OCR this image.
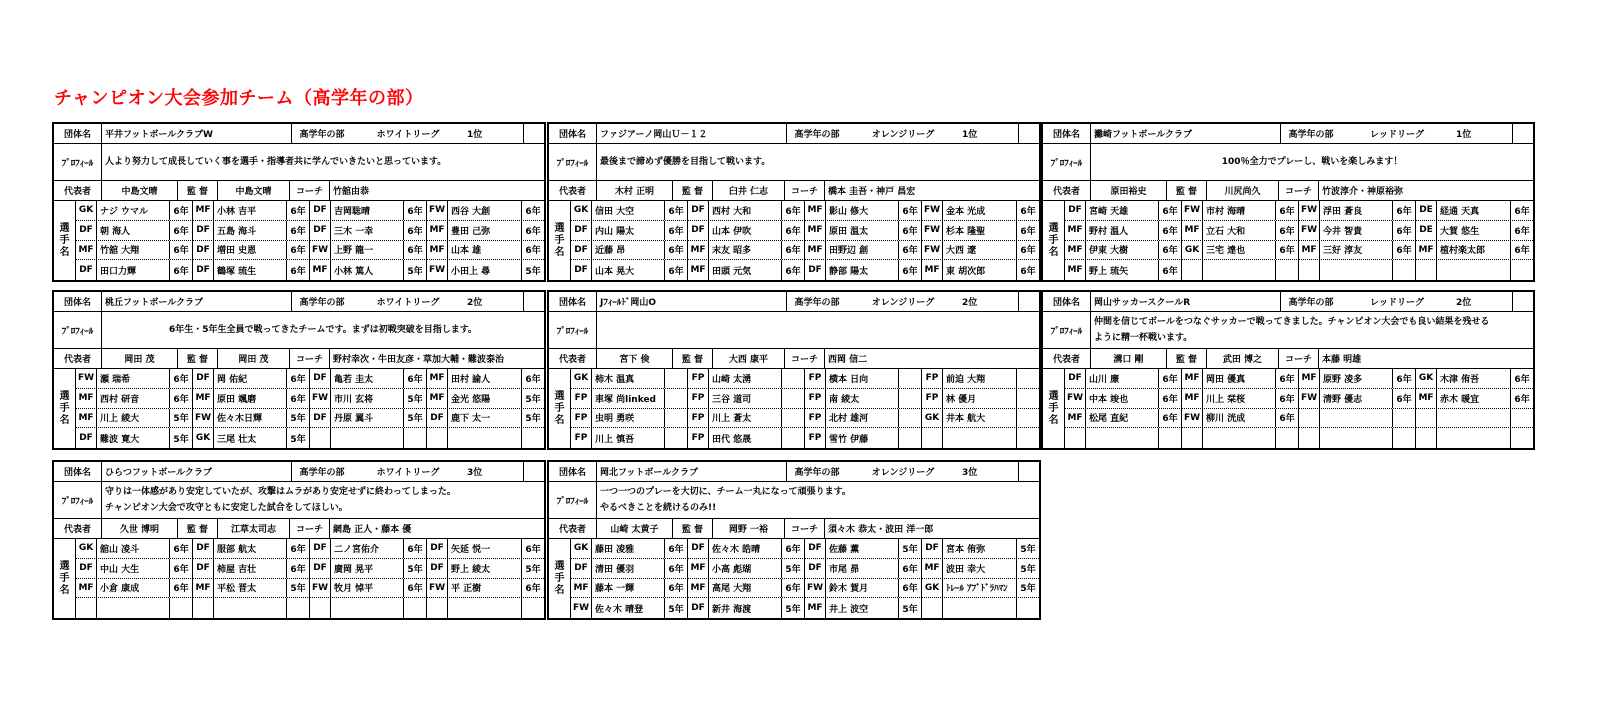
チャンピオン大会参加チーム（高学年の部）
団体名	平井フットボールクラブW	高学年の部	ホワイトリーグ	1位
ﾌﾟﾛﾌｨｰﾙ	人より努力して成長していく事を選手・指導者共に学んでいきたいと思っています。
代表者	中島文晴	監 督	中島文晴	コーチ	竹舘由恭
選
手
名
GK ナジ ウマル	6年 MF 小林 吉平	6年 DF 吉岡聡晴	6年 FW 西谷 大創	6年
DF 朝 海人	6年 DF 五島 海斗	6年 DF 三木 一幸	6年 MF 豊田 己弥	6年
MF 竹舘 大翔	6年 DF 増田 史恩	6年 FW 上野 龍一	6年 MF 山本 雄	6年
DF 田口力輝	6年 DF 鶴塚 琉生	6年 MF 小林 篤人	5年 FW 小田上 尋	5年
団体名	ファジアーノ岡山Ｕ－１２	高学年の部	オレンジリーグ	1位
ﾌﾟﾛﾌｨｰﾙ	最後まで諦めず優勝を目指して戦います。
代表者	木村 正明	監 督	臼井 仁志	コーチ	橋本 圭吾・神戸 昌宏
選
手
名
GK 信田 大空	6年 DF 西村 大和	6年 MF 影山 修大	6年 FW 金本 光成	6年
DF 内山 陽太	6年 DF 山本 伊吹	6年 MF 原田 温太	6年 FW 杉本 隆聖	6年
DF 近藤 昂	6年 MF 末友 昭多	6年 MF 田野辺 創	6年 FW 大西 遼	6年
DF 山本 晃大	6年 MF 田頭 元気	6年 DF 静部 陽太	6年 MF 東 胡次郎	6年
団体名	灘崎フットボールクラブ	高学年の部	レッドリーグ	1位
ﾌﾟﾛﾌｨｰﾙ	100％全力でプレーし、戦いを楽しみます！
代表者	原田裕史	監 督	川尻尚久	コーチ	竹波淳介・神原裕弥
選
手
名
DF 宮崎 天雄	6年 FW 市村 海晴	6年 FW 浮田 蒼良	6年 DE 経通 天真	6年
MF 野村 温人	6年 MF 立石 大和	6年 FW 今井 智貴	6年 DE 大賀 悠生	6年
MF 伊東 大樹	6年 GK 三宅 達也	6年 MF 三好 淳友	6年 MF 植村楽太郎	6年
MF 野上 琉矢	6年
団体名	桃丘フットボールクラブ	高学年の部	ホワイトリーグ	2位
ﾌﾟﾛﾌｨｰﾙ	6年生・5年生全員で戦ってきたチームです。まずは初戦突破を目指します。
代表者	岡田 茂	監 督	岡田 茂	コーチ	野村幸次・牛田友彦・草加大輔・難波泰治
選
手
名
FW 瀬 瑞希	6年 DF 岡 佑紀	6年 DF 亀若 圭太	6年 MF 田村 諭人	6年
MF 西村 研音	6年 MF 原田 颯磨	6年 FW 市川 玄将	5年 MF 金光 悠陽	5年
MF 川上 綾大	5年 FW 佐々木日輝	5年 DF 丹原 翼斗	5年 DF 鹿下 太一	5年
DF 難波 寛大	5年 GK 三尾 壮太	5年
団体名	Jﾌｨｰﾙﾄﾞ岡山O	高学年の部	オレンジリーグ	2位
ﾌﾟﾛﾌｨｰﾙ
代表者	宮下 倹	監 督	大西 康平	コーチ	西岡 信二
選
手
名
GK 柿木 温真	FP 山崎 太湧	FP 横本 日向	FP 前迫 大翔
FP 車塚 尚linked	FP 三谷 道司	FP 南 綾太	FP 林 優月
FP 虫明 勇咲	FP 川上 蒼太	FP 北村 雄河	GK 井本 航大
FP 川上 慎吾	FP 田代 悠晟	FP 雪竹 伊藤
団体名	岡山サッカースクールR	高学年の部	レッドリーグ	2位
ﾌﾟﾛﾌｨｰﾙ
仲間を信じてボールをつなぐサッカーで戦ってきました。チャンピオン大会でも良い結果を残せる
ように精一杯戦います。
代表者	溝口 剛	監 督	武田 博之	コーチ	本藤 明雄
選
手
名
DF 山川 廉	6年 MF 岡田 優真	6年 MF 原野 凌多	6年 GK 木津 侑吾	6年
FW 中本 竣也	6年 MF 川上 栞桜	6年 FW 清野 優志	6年 MF 赤木 暖宜	6年
MF 松尾 直紀	6年 FW 柳川 洸成	6年
団体名	ひらつフットボールクラブ	高学年の部	ホワイトリーグ	3位
ﾌﾟﾛﾌｨｰﾙ
守りは一体感があり安定していたが、攻撃はムラがあり安定せずに終わってしまった。
チャンピオン大会で攻守ともに安定した試合をしてほしい。
代表者	久世 博明	監 督	江草太司志	コーチ	網島 正人・藤本 優
選
手
名
GK 舘山 凌斗	6年 DF 服部 航太	6年 DF 二ノ宮佑介	6年 DF 矢延 悦一	6年
DF 中山 大生	6年 DF 柿屋 吉壮	6年 DF 廣岡 晃平	5年 DF 野上 綾太	5年
MF 小倉 康成	6年 MF 平松 晋太	5年 FW 牧月 悼平	6年 FW 平 正樹	6年
団体名	岡北フットボールクラブ	高学年の部	オレンジリーグ	3位
ﾌﾟﾛﾌｨｰﾙ
一つ一つのプレーを大切に、チーム一丸になって頑張ります。
やるべきことを続けるのみ!!
代表者	山崎 太黄子	監 督	岡野 一裕	コーチ	須々木 恭太・波田 洋一郎
選
手
名
GK 藤田 凌雅	6年 DF 佐々木 皓晴	6年 DF 佐藤 薫	5年 DF 宮本 侑弥	5年
DF 清田 優羽	6年 MF 小高 彪瑚	5年 DF 市尾 昴	6年 MF 波田 幸大	5年
MF 藤本 一輝	6年 MF 高尾 大翔	6年 FW 鈴木 賀月	6年 GK ﾄﾚｰﾙ ｱﾌﾞﾄﾞﾗﾊﾏﾝ	5年
FW 佐々木 晴登	5年 DF 新井 海渡	5年 MF 井上 波空	5年
